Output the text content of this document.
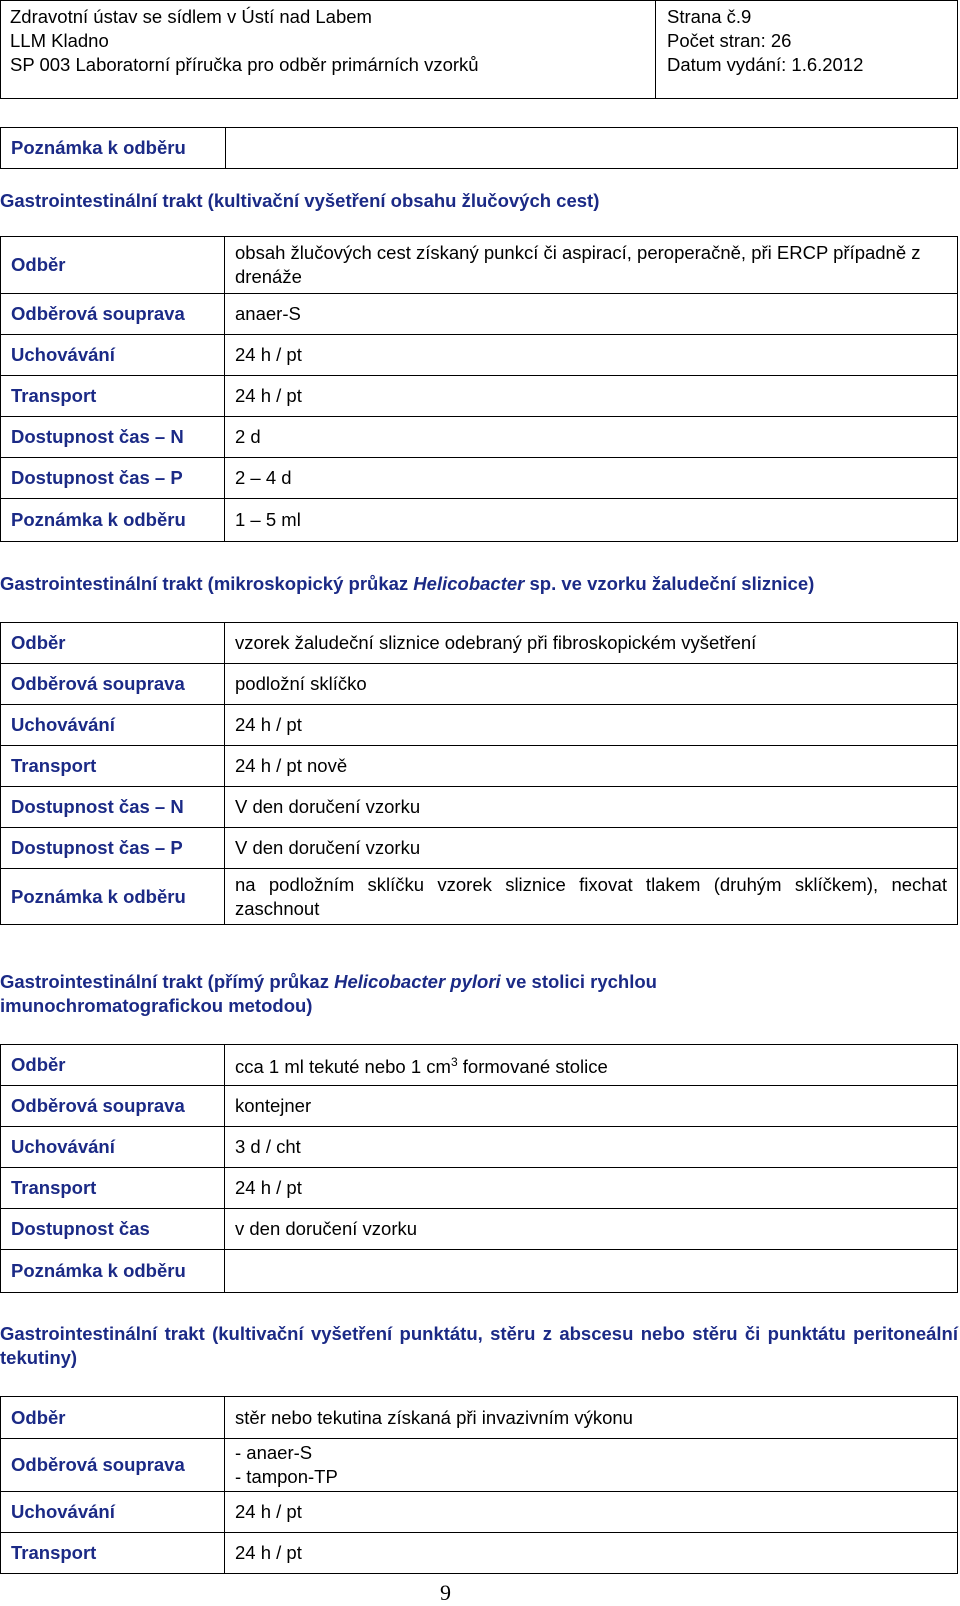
Zdravotní ústav se sídlem v Ústí nad Labem
LLM Kladno
SP 003 Laboratorní příručka pro odběr primárních vzorků
Strana č.9
Počet stran: 26
Datum vydání: 1.6.2012
Poznámka k odběru
Gastrointestinální trakt (kultivační vyšetření obsahu žlučových cest)
Odběr	obsah žlučových cest získaný punkcí či aspirací, peroperačně, při ERCP případně z drenáže
Odběrová souprava	anaer-S
Uchovávání	24 h / pt
Transport	24 h / pt
Dostupnost čas – N	2 d
Dostupnost čas – P	2 – 4 d
Poznámka k odběru	1 – 5 ml
Gastrointestinální trakt (mikroskopický průkaz Helicobacter sp. ve vzorku žaludeční sliznice)
Odběr	vzorek žaludeční sliznice odebraný při fibroskopickém vyšetření
Odběrová souprava	podložní sklíčko
Uchovávání	24 h / pt
Transport	24 h / pt nově
Dostupnost čas – N	V den doručení vzorku
Dostupnost čas – P	V den doručení vzorku
Poznámka k odběru	na podložním sklíčku vzorek sliznice fixovat tlakem (druhým sklíčkem), nechat zaschnout
Gastrointestinální trakt (přímý průkaz Helicobacter pylori ve stolici rychlou imunochromatografickou metodou)
Odběr	cca 1 ml tekuté nebo 1 $cm^3$ formované stolice
Odběrová souprava	kontejner
Uchovávání	3 d / cht
Transport	24 h / pt
Dostupnost čas	v den doručení vzorku
Poznámka k odběru	
Gastrointestinální trakt (kultivační vyšetření punktátu, stěru z abscesu nebo stěru či punktátu peritoneální tekutiny)
Odběr	stěr nebo tekutina získaná při invazivním výkonu
Odběrová souprava	- anaer-S
- tampon-TP

Uchovávání	24 h / pt
Transport	24 h / pt
9
